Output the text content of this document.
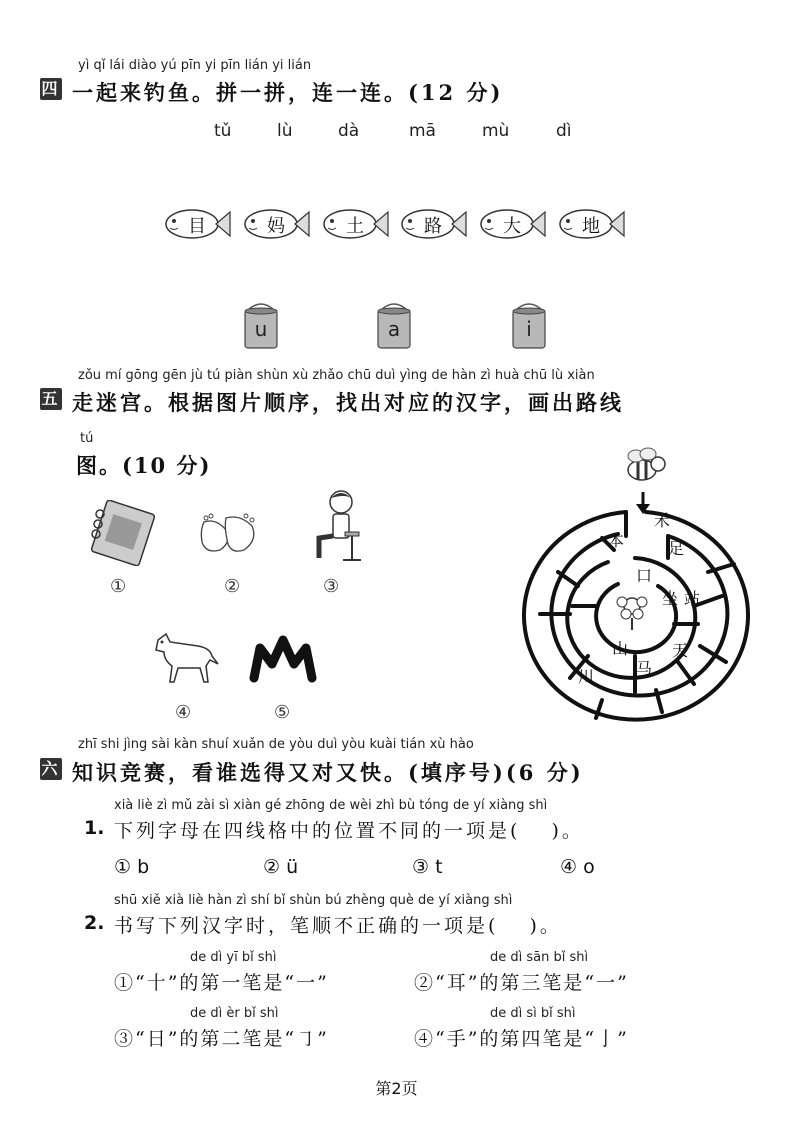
yì qǐ lái diào yú pīn yi pīn lián yi lián
四 一起来钓鱼。拼一拼，连一连。(12 分)
tǔ	lù	dà	mā	mù	dì
目	妈	土	路	大	地
u	a	i
zǒu mí gōng gēn jù tú piàn shùn xù zhǎo chū duì yìng de hàn zì huà chū lù xiàn
五 走迷宫。根据图片顺序，找出对应的汉字，画出路线
tú
图。(10 分)
①	②	③
④	⑤
禾
本	足
口
坐 站
山	天
川	马
zhī shi jìng sài kàn shuí xuǎn de yòu duì yòu kuài tián xù hào
六 知识竞赛，看谁选得又对又快。(填序号)(6 分)
xià liè zì mǔ zài sì xiàn gé zhōng de wèi zhì bù tóng de yí xiàng shì
1. 下列字母在四线格中的位置不同的一项是(　 )。
① b	② ü	③ t	④ o
shū xiě xià liè hàn zì shí bǐ shùn bú zhèng què de yí xiàng shì
2. 书写下列汉字时，笔顺不正确的一项是(　 )。
de dì yī bǐ shì	de dì sān bǐ shì
①“十”的第一笔是“一”	②“耳”的第三笔是“一”
de dì èr bǐ shì	de dì sì bǐ shì
③“日”的第二笔是“㇆”	④“手”的第四笔是“亅”
第2页
